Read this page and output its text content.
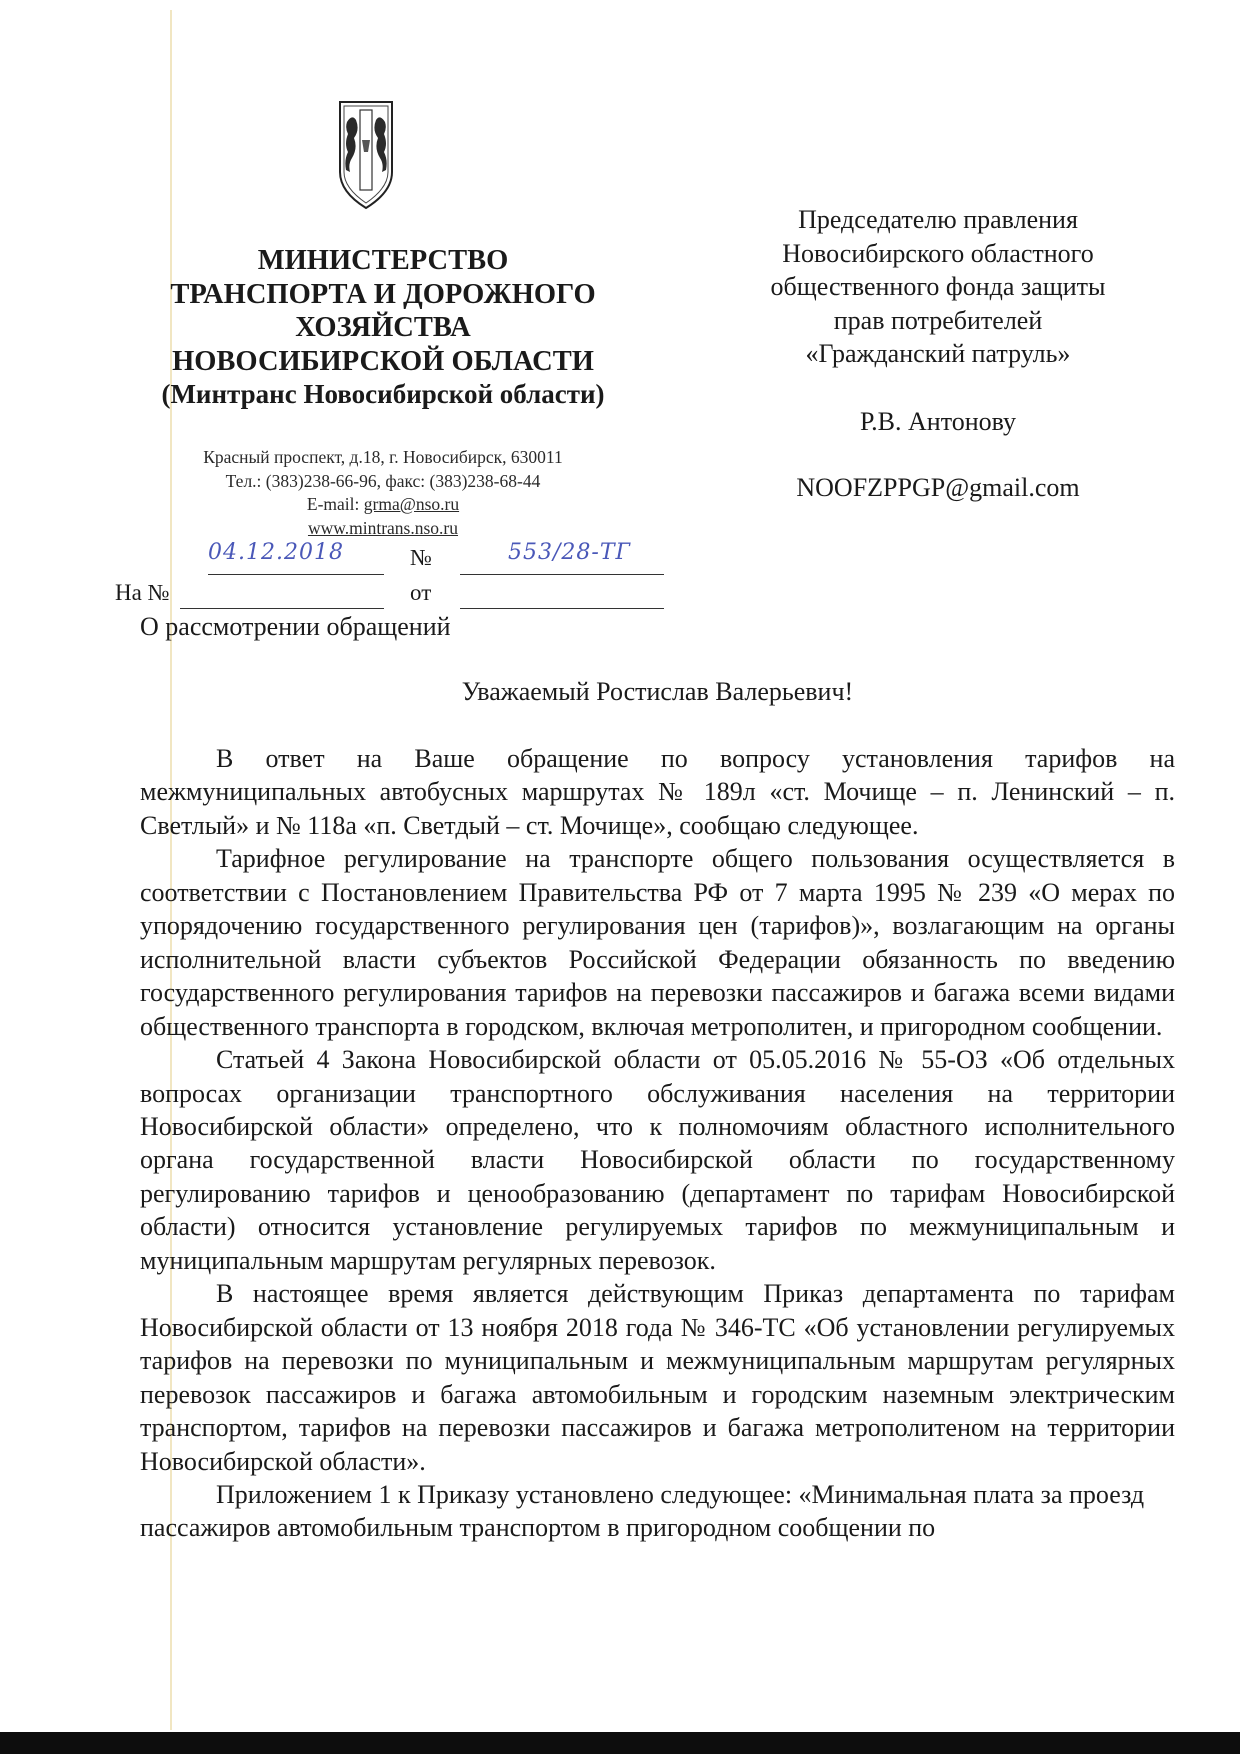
МИНИСТЕРСТВО
ТРАНСПОРТА И ДОРОЖНОГО
ХОЗЯЙСТВА
НОВОСИБИРСКОЙ ОБЛАСТИ
(Минтранс Новосибирской области)
Красный проспект, д.18, г. Новосибирск, 630011
Тел.: (383)238-66-96, факс: (383)238-68-44
E-mail: grma@nso.ru
www.mintrans.nso.ru
04.12.2018	№	553/28-ТГ
На №	от
О рассмотрении обращений
Председателю правления
Новосибирского областного
общественного фонда защиты
прав потребителей
«Гражданский патруль»
Р.В. Антонову
NOOFZPPGP@gmail.com
Уважаемый Ростислав Валерьевич!

В ответ на Ваше обращение по вопросу установления тарифов на межмуниципальных автобусных маршрутах № 189л «ст. Мочище – п. Ленинский – п. Светлый» и № 118а «п. Светдый – ст. Мочище», сообщаю следующее.

Тарифное регулирование на транспорте общего пользования осуществляется в соответствии с Постановлением Правительства РФ от 7 марта 1995 № 239 «О мерах по упорядочению государственного регулирования цен (тарифов)», возлагающим на органы исполнительной власти субъектов Российской Федерации обязанность по введению государственного регулирования тарифов на перевозки пассажиров и багажа всеми видами общественного транспорта в городском, включая метрополитен, и пригородном сообщении.

Статьей 4 Закона Новосибирской области от 05.05.2016 № 55-ОЗ «Об отдельных вопросах организации транспортного обслуживания населения на территории Новосибирской области» определено, что к полномочиям областного исполнительного органа государственной власти Новосибирской области по государственному регулированию тарифов и ценообразованию (департамент по тарифам Новосибирской области) относится установление регулируемых тарифов по межмуниципальным и муниципальным маршрутам регулярных перевозок.

В настоящее время является действующим Приказ департамента по тарифам Новосибирской области от 13 ноября 2018 года № 346-ТС «Об установлении регулируемых тарифов на перевозки по муниципальным и межмуниципальным маршрутам регулярных перевозок пассажиров и багажа автомобильным и городским наземным электрическим транспортом, тарифов на перевозки пассажиров и багажа метрополитеном на территории Новосибирской области».

Приложением 1 к Приказу установлено следующее: «Минимальная плата за проезд пассажиров автомобильным транспортом в пригородном сообщении по
